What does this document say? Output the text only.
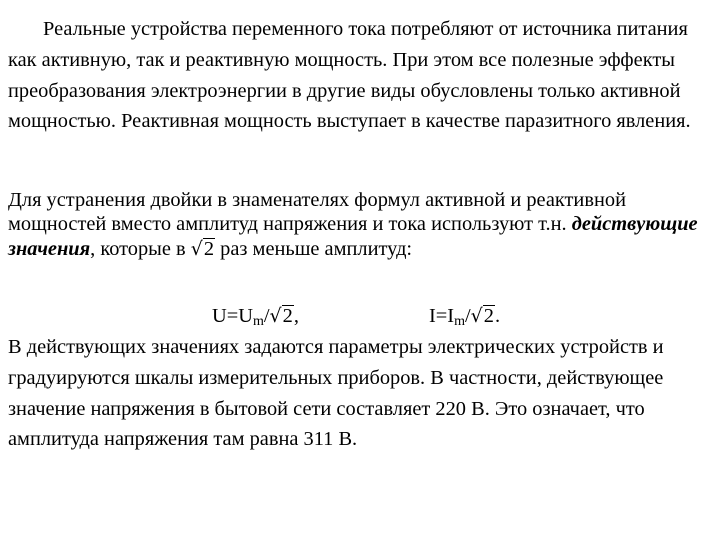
Реальные устройства переменного тока потребляют от источника питания как активную, так и реактивную мощность. При этом все полезные эффекты преобразования электроэнергии в другие виды обусловлены только активной мощностью. Реактивная мощность выступает в качестве паразитного явления.

Для устранения двойки в знаменателях формул активной и реактивной мощностей вместо амплитуд напряжения и тока используют т.н. действующие значения, которые в √2 раз меньше амплитуд:

$U=U_m/√2$,	$I=I_m/√2$.

В действующих значениях задаются параметры электрических устройств и градуируются шкалы измерительных приборов. В частности, действующее значение напряжения в бытовой сети составляет 220 В. Это означает, что амплитуда напряжения там равна 311 В.
